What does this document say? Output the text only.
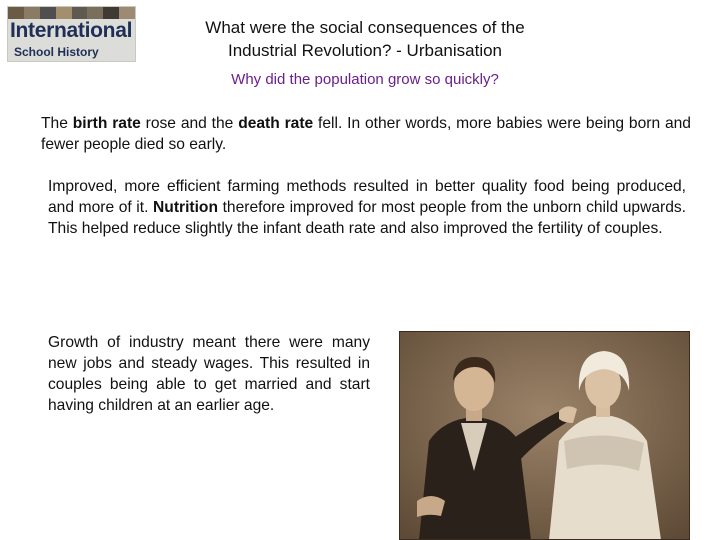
International
School History
What were the social consequences of the
Industrial Revolution? - Urbanisation
Why did the population grow so quickly?
The birth rate rose and the death rate fell. In other words, more babies were being born and fewer people died so early.
Improved, more efficient farming methods resulted in better quality food being produced, and more of it. Nutrition therefore improved for most people from the unborn child upwards. This helped reduce slightly the infant death rate and also improved the fertility of couples.
Growth of industry meant there were many new jobs and steady wages. This resulted in couples being able to get married and start having children at an earlier age.
